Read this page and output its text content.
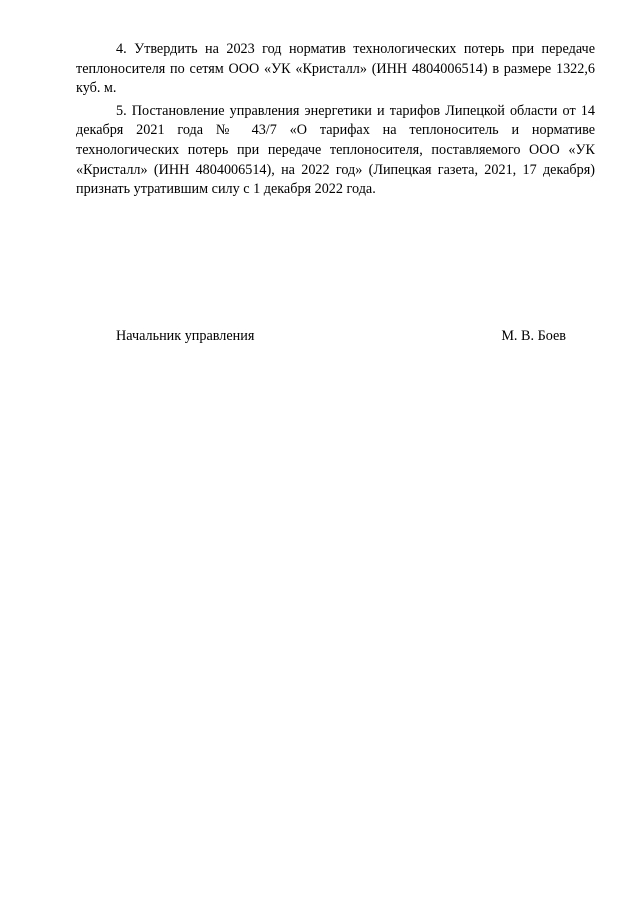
4. Утвердить на 2023 год норматив технологических потерь при передаче теплоносителя по сетям ООО «УК «Кристалл» (ИНН 4804006514) в размере 1322,6 куб. м.

5. Постановление управления энергетики и тарифов Липецкой области от 14 декабря 2021 года № 43/7 «О тарифах на теплоноситель и нормативе технологических потерь при передаче теплоносителя, поставляемого ООО «УК «Кристалл» (ИНН 4804006514), на 2022 год» (Липецкая газета, 2021, 17 декабря) признать утратившим силу с 1 декабря 2022 года.

Начальник управления	М. В. Боев
